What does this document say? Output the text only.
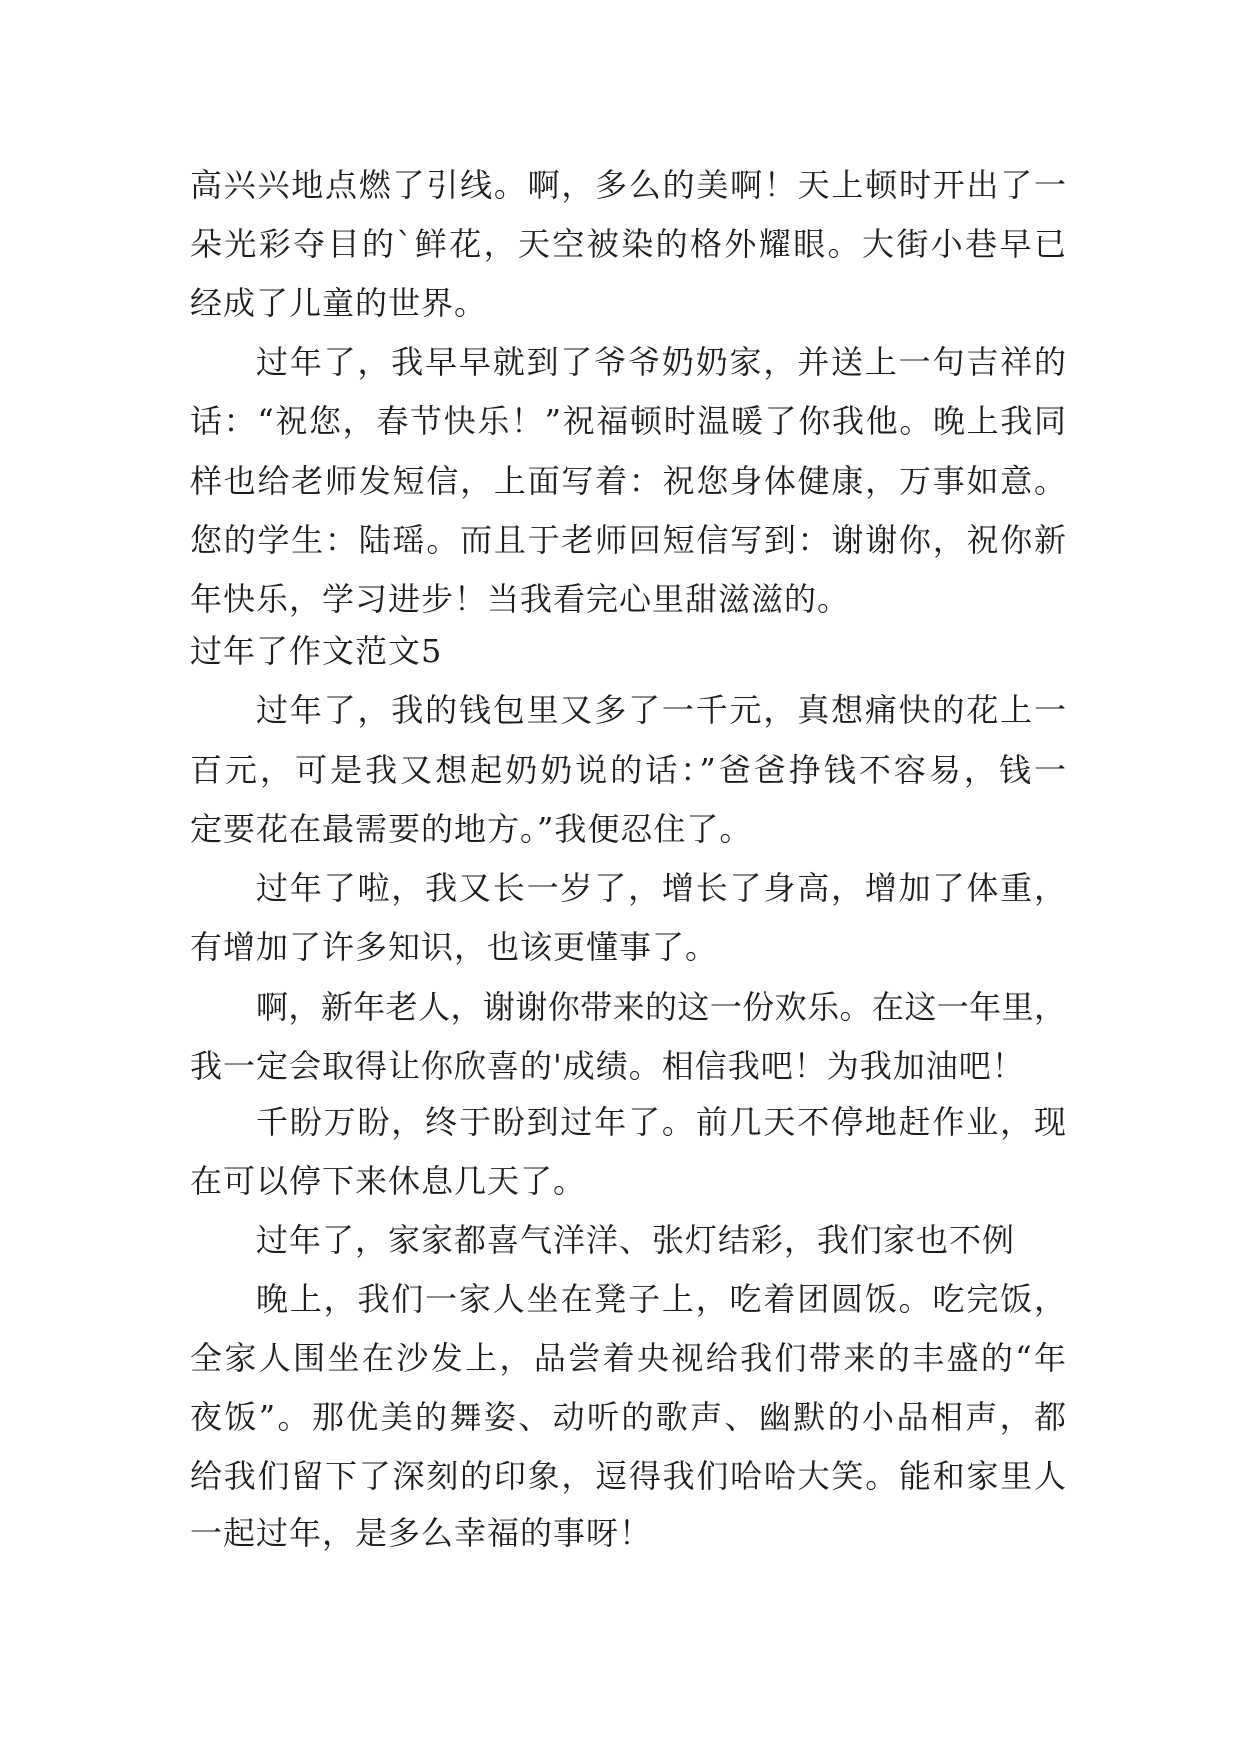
高兴兴地点燃了引线。啊，多么的美啊！天上顿时开出了一
朵光彩夺目的`鲜花，天空被染的格外耀眼。大街小巷早已
经成了儿童的世界。
过年了，我早早就到了爷爷奶奶家，并送上一句吉祥的
话：“祝您，春节快乐！”祝福顿时温暖了你我他。晚上我同
样也给老师发短信，上面写着：祝您身体健康，万事如意。
您的学生：陆瑶。而且于老师回短信写到：谢谢你，祝你新
年快乐，学习进步！当我看完心里甜滋滋的。
过年了作文范文5
过年了，我的钱包里又多了一千元，真想痛快的花上一
百元，可是我又想起奶奶说的话：”爸爸挣钱不容易，钱一
定要花在最需要的地方。”我便忍住了。
过年了啦，我又长一岁了，增长了身高，增加了体重，
有增加了许多知识，也该更懂事了。
啊，新年老人，谢谢你带来的这一份欢乐。在这一年里，
我一定会取得让你欣喜的'成绩。相信我吧！为我加油吧！
千盼万盼，终于盼到过年了。前几天不停地赶作业，现
在可以停下来休息几天了。
过年了，家家都喜气洋洋、张灯结彩，我们家也不例
晚上，我们一家人坐在凳子上，吃着团圆饭。吃完饭，
全家人围坐在沙发上，品尝着央视给我们带来的丰盛的“年
夜饭”。那优美的舞姿、动听的歌声、幽默的小品相声，都
给我们留下了深刻的印象，逗得我们哈哈大笑。能和家里人
一起过年，是多么幸福的事呀！
